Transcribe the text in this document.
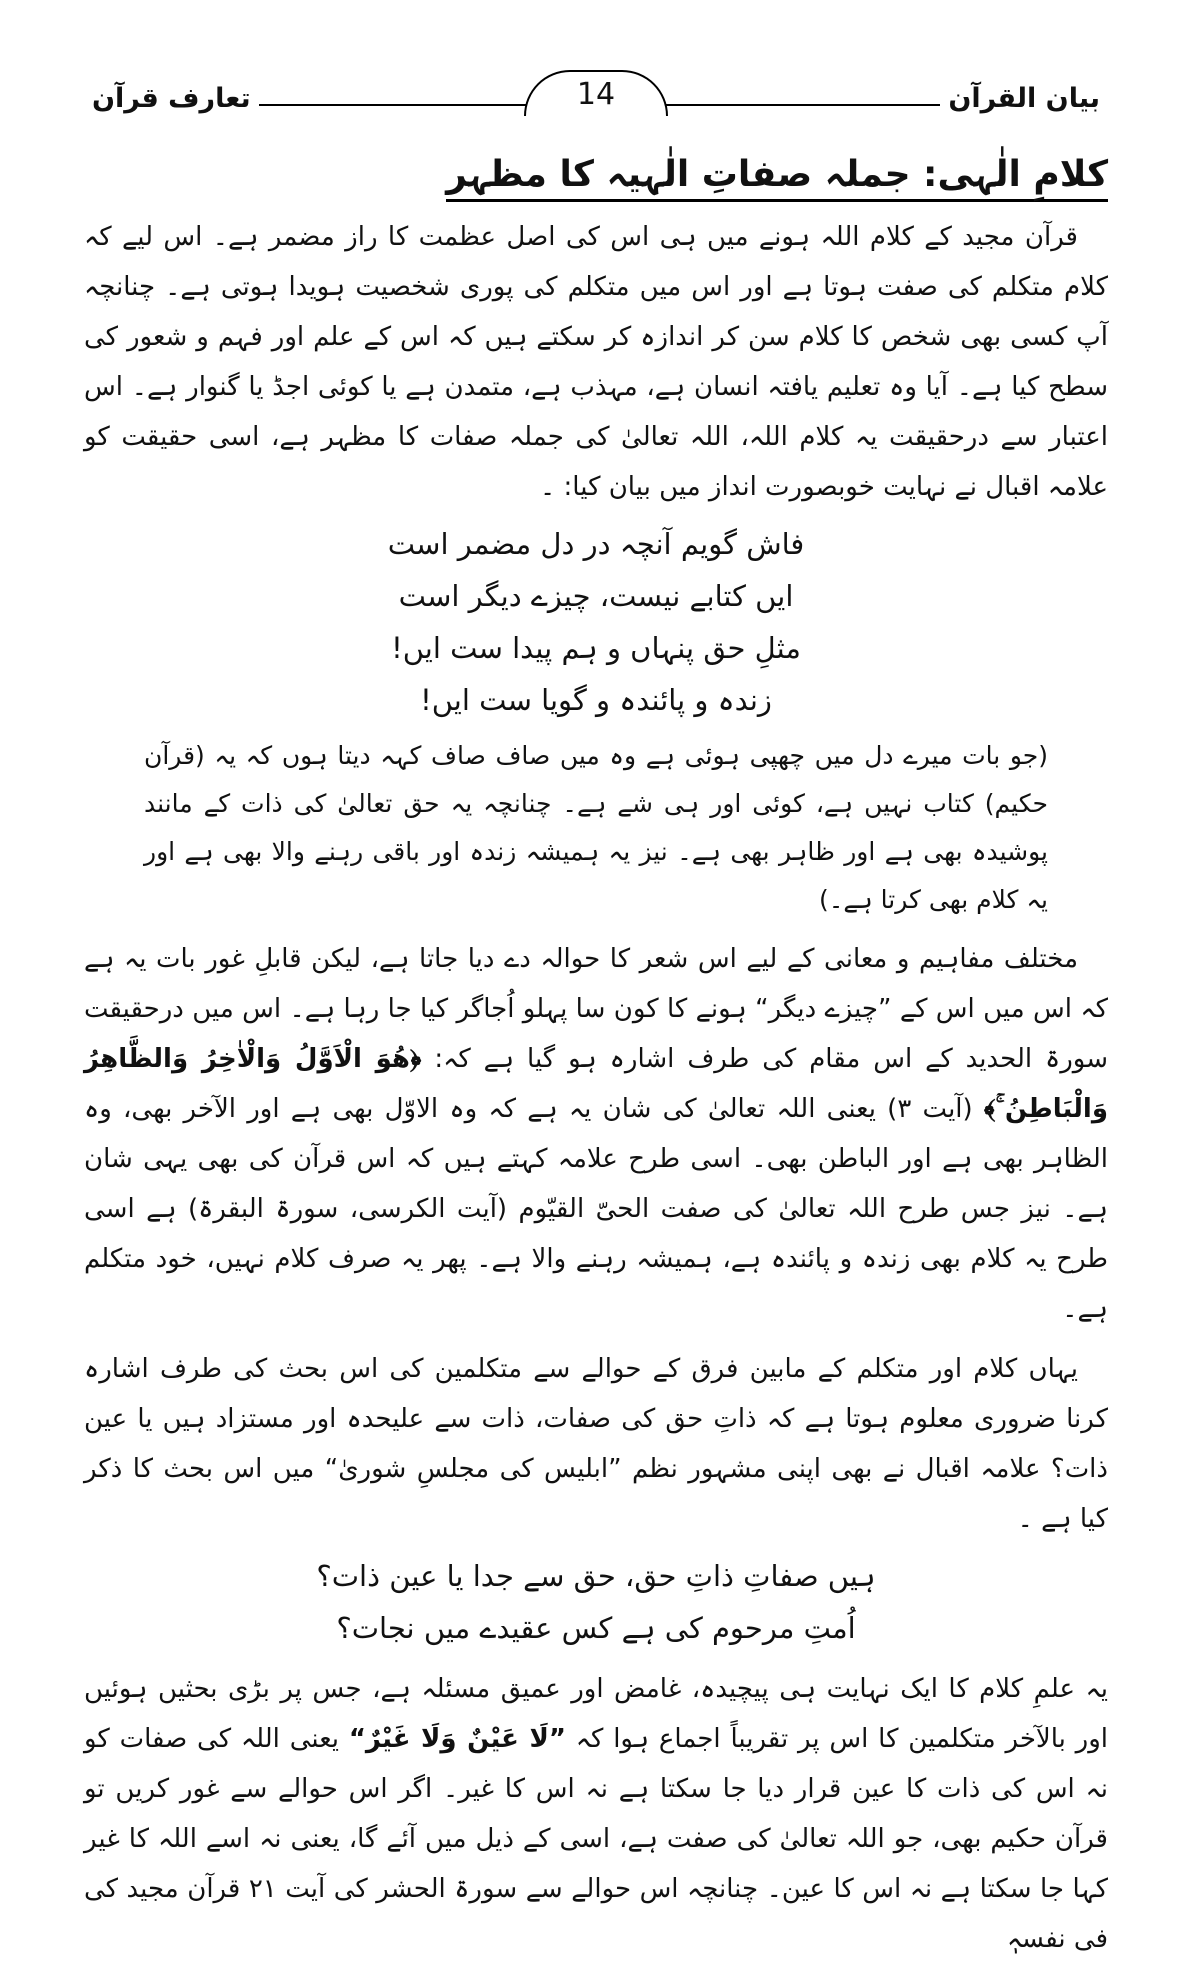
بیان القرآن
14
تعارف قرآن
کلامِ الٰہی: جملہ صفاتِ الٰہیہ کا مظہر

قرآن مجید کے کلام اللہ ہونے میں ہی اس کی اصل عظمت کا راز مضمر ہے۔ اس لیے کہ کلام متکلم کی صفت ہوتا ہے اور اس میں متکلم کی پوری شخصیت ہویدا ہوتی ہے۔ چنانچہ آپ کسی بھی شخص کا کلام سن کر اندازہ کر سکتے ہیں کہ اس کے علم اور فہم و شعور کی سطح کیا ہے۔ آیا وہ تعلیم یافتہ انسان ہے، مہذب ہے، متمدن ہے یا کوئی اجڈ یا گنوار ہے۔ اس اعتبار سے درحقیقت یہ کلام اللہ، اللہ تعالیٰ کی جملہ صفات کا مظہر ہے، اسی حقیقت کو علامہ اقبال نے نہایت خوبصورت انداز میں بیان کیا: ۔

فاش گویم آنچہ در دل مضمر است
ایں کتابے نیست، چیزے دیگر است
مثلِ حق پنہاں و ہم پیدا ست ایں!
زندہ و پائندہ و گویا ست ایں!

(جو بات میرے دل میں چھپی ہوئی ہے وہ میں صاف صاف کہہ دیتا ہوں کہ یہ (قرآن حکیم) کتاب نہیں ہے، کوئی اور ہی شے ہے۔ چنانچہ یہ حق تعالیٰ کی ذات کے مانند پوشیدہ بھی ہے اور ظاہر بھی ہے۔ نیز یہ ہمیشہ زندہ اور باقی رہنے والا بھی ہے اور یہ کلام بھی کرتا ہے۔)

مختلف مفاہیم و معانی کے لیے اس شعر کا حوالہ دے دیا جاتا ہے، لیکن قابلِ غور بات یہ ہے کہ اس میں اس کے ”چیزے دیگر“ ہونے کا کون سا پہلو اُجاگر کیا جا رہا ہے۔ اس میں درحقیقت سورۃ الحدید کے اس مقام کی طرف اشارہ ہو گیا ہے کہ: ﴿هُوَ الْاَوَّلُ وَالْاٰخِرُ وَالظَّاهِرُ وَالْبَاطِنُ ۚ﴾ (آیت ۳) یعنی اللہ تعالیٰ کی شان یہ ہے کہ وہ الاوّل بھی ہے اور الآخر بھی، وہ الظاہر بھی ہے اور الباطن بھی۔ اسی طرح علامہ کہتے ہیں کہ اس قرآن کی بھی یہی شان ہے۔ نیز جس طرح اللہ تعالیٰ کی صفت الحیّ القیّوم (آیت الکرسی، سورۃ البقرۃ) ہے اسی طرح یہ کلام بھی زندہ و پائندہ ہے، ہمیشہ رہنے والا ہے۔ پھر یہ صرف کلام نہیں، خود متکلم ہے۔

یہاں کلام اور متکلم کے مابین فرق کے حوالے سے متکلمین کی اس بحث کی طرف اشارہ کرنا ضروری معلوم ہوتا ہے کہ ذاتِ حق کی صفات، ذات سے علیحدہ اور مستزاد ہیں یا عین ذات؟ علامہ اقبال نے بھی اپنی مشہور نظم ”ابلیس کی مجلسِ شوریٰ“ میں اس بحث کا ذکر کیا ہے ۔

ہیں صفاتِ ذاتِ حق، حق سے جدا یا عین ذات؟
اُمتِ مرحوم کی ہے کس عقیدے میں نجات؟

یہ علمِ کلام کا ایک نہایت ہی پیچیدہ، غامض اور عمیق مسئلہ ہے، جس پر بڑی بحثیں ہوئیں اور بالآخر متکلمین کا اس پر تقریباً اجماع ہوا کہ ”لَا عَیْنٌ وَلَا غَیْرٌ“ یعنی اللہ کی صفات کو نہ اس کی ذات کا عین قرار دیا جا سکتا ہے نہ اس کا غیر۔ اگر اس حوالے سے غور کریں تو قرآن حکیم بھی، جو اللہ تعالیٰ کی صفت ہے، اسی کے ذیل میں آئے گا، یعنی نہ اسے اللہ کا غیر کہا جا سکتا ہے نہ اس کا عین۔ چنانچہ اس حوالے سے سورۃ الحشر کی آیت ۲۱ قرآن مجید کی فی نفسہٖ
